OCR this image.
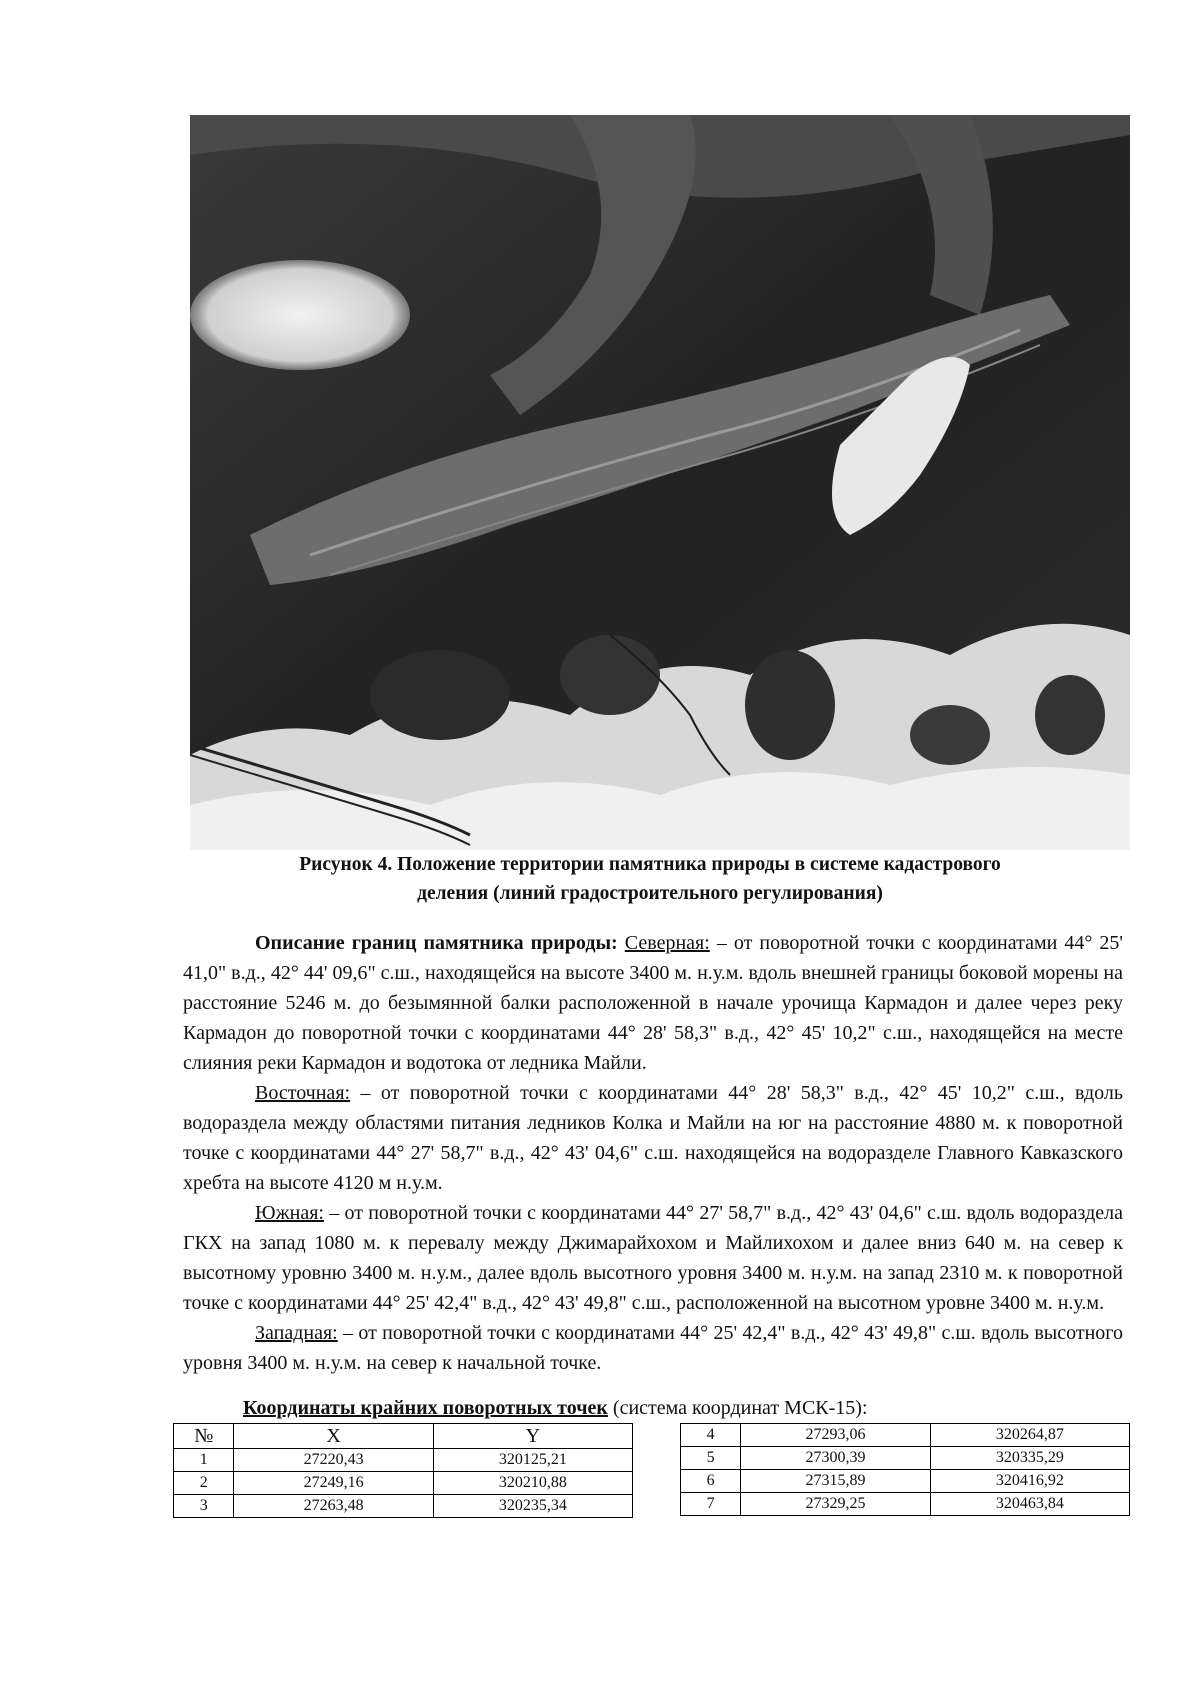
Рисунок 4. Положение территории памятника природы в системе кадастрового
деления (линий градостроительного регулирования)

Описание границ памятника природы: Северная: – от поворотной точки с координатами 44° 25' 41,0" в.д., 42° 44' 09,6" с.ш., находящейся на высоте 3400 м. н.у.м. вдоль внешней границы боковой морены на расстояние 5246 м. до безымянной балки расположенной в начале урочища Кармадон и далее через реку Кармадон до поворотной точки с координатами 44° 28' 58,3" в.д., 42° 45' 10,2" с.ш., находящейся на месте слияния реки Кармадон и водотока от ледника Майли.

Восточная: – от поворотной точки с координатами 44° 28' 58,3" в.д., 42° 45' 10,2" с.ш., вдоль водораздела между областями питания ледников Колка и Майли на юг на расстояние 4880 м. к поворотной точке с координатами 44° 27' 58,7" в.д., 42° 43' 04,6" с.ш. находящейся на водоразделе Главного Кавказского хребта на высоте 4120 м н.у.м.

Южная: – от поворотной точки с координатами 44° 27' 58,7" в.д., 42° 43' 04,6" с.ш. вдоль водораздела ГКХ на запад 1080 м. к перевалу между Джимарайхохом и Майлихохом и далее вниз 640 м. на север к высотному уровню 3400 м. н.у.м., далее вдоль высотного уровня 3400 м. н.у.м. на запад 2310 м. к поворотной точке с координатами 44° 25' 42,4" в.д., 42° 43' 49,8" с.ш., расположенной на высотном уровне 3400 м. н.у.м.

Западная: – от поворотной точки с координатами 44° 25' 42,4" в.д., 42° 43' 49,8" с.ш. вдоль высотного уровня 3400 м. н.у.м. на север к начальной точке.

Координаты крайних поворотных точек (система координат МСК-15):
№	X	Y
1	27220,43	320125,21
2	27249,16	320210,88
3	27263,48	320235,34
4	27293,06	320264,87
5	27300,39	320335,29
6	27315,89	320416,92
7	27329,25	320463,84
